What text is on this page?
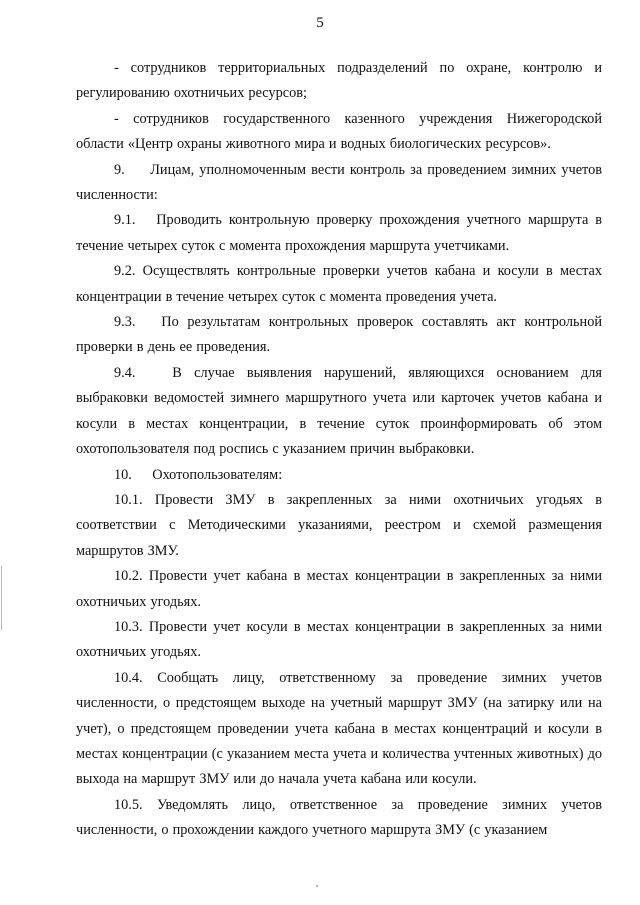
5

- сотрудников территориальных подразделений по охране, контролю и регулированию охотничьих ресурсов;

- сотрудников государственного казенного учреждения Нижегородской области «Центр охраны животного мира и водных биологических ресурсов».

9.     Лицам, уполномоченным вести контроль за проведением зимних учетов численности:

9.1.   Проводить контрольную проверку прохождения учетного маршрута в течение четырех суток с момента прохождения маршрута учетчиками.

9.2. Осуществлять контрольные проверки учетов кабана и косули в местах концентрации в течение четырех суток с момента проведения учета.

9.3.   По результатам контрольных проверок составлять акт контрольной проверки в день ее проведения.

9.4.   В случае выявления нарушений, являющихся основанием для выбраковки ведомостей зимнего маршрутного учета или карточек учетов кабана и косули в местах концентрации, в течение суток проинформировать об этом охотопользователя под роспись с указанием причин выбраковки.

10.     Охотопользователям:

10.1. Провести ЗМУ в закрепленных за ними охотничьих угодьях в соответствии с Методическими указаниями, реестром и схемой размещения маршрутов ЗМУ.

10.2. Провести учет кабана в местах концентрации в закрепленных за ними охотничьих угодьях.

10.3. Провести учет косули в местах концентрации в закрепленных за ними охотничьих угодьях.

10.4. Сообщать лицу, ответственному за проведение зимних учетов численности, о предстоящем выходе на учетный маршрут ЗМУ (на затирку или на учет), о предстоящем проведении учета кабана в местах концентраций и косули в местах концентрации (с указанием места учета и количества учтенных животных) до выхода на маршрут ЗМУ или до начала учета кабана или косули.

10.5. Уведомлять лицо, ответственное за проведение зимних учетов численности, о прохождении каждого учетного маршрута ЗМУ (с указанием
